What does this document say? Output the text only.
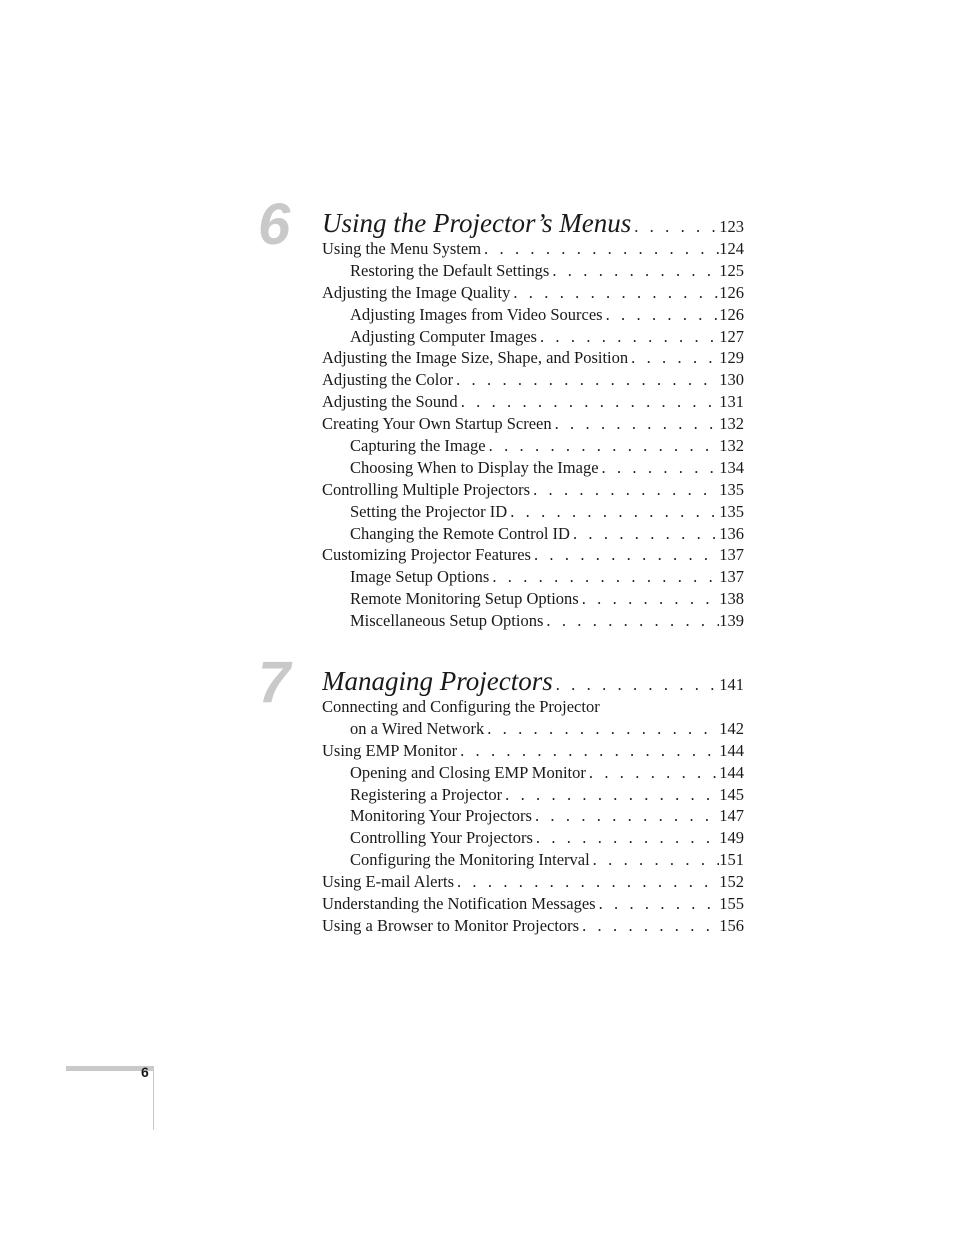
6 Using the Projector’s Menus . . .	123
Using the Menu System . . .	124
Restoring the Default Settings . . .	125
Adjusting the Image Quality . . .	126
Adjusting Images from Video Sources . . .	126
Adjusting Computer Images . . .	127
Adjusting the Image Size, Shape, and Position . . .	129
Adjusting the Color . . .	130
Adjusting the Sound . . .	131
Creating Your Own Startup Screen . . .	132
Capturing the Image . . .	132
Choosing When to Display the Image . . .	134
Controlling Multiple Projectors . . .	135
Setting the Projector ID . . .	135
Changing the Remote Control ID . . .	136
Customizing Projector Features . . .	137
Image Setup Options . . .	137
Remote Monitoring Setup Options . . .	138
Miscellaneous Setup Options . . .	139
7 Managing Projectors . . .	141
Connecting and Configuring the Projector
on a Wired Network . . .	142
Using EMP Monitor . . .	144
Opening and Closing EMP Monitor . . .	144
Registering a Projector . . .	145
Monitoring Your Projectors . . .	147
Controlling Your Projectors . . .	149
Configuring the Monitoring Interval . . .	151
Using E-mail Alerts . . .	152
Understanding the Notification Messages . . .	155
Using a Browser to Monitor Projectors . . .	156
6
